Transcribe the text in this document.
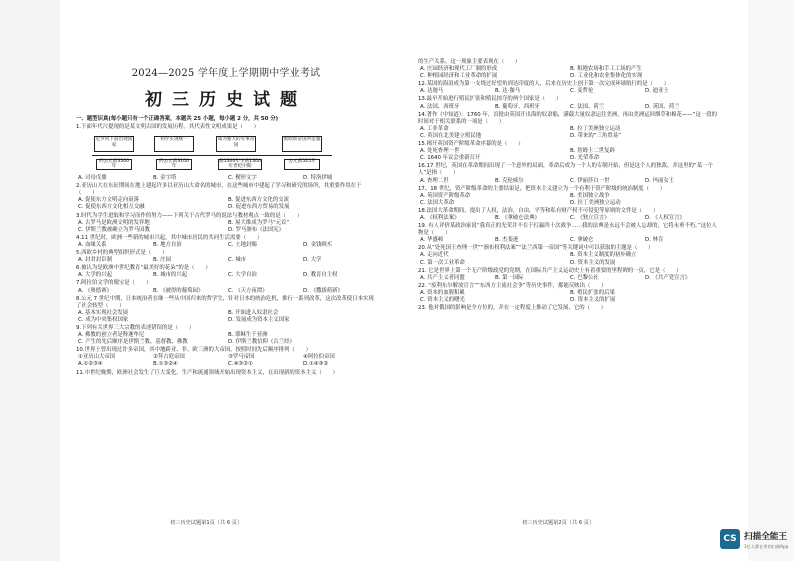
2024—2025 学年度上学期期中学业考试
初三历史试题
一、题型识真(每小题只有一个正确答案，本题共 25 小题，每小题 2 分，共 50 分)
1.下面年代尺提现的是某文明古国的发展历程。其代表性文明成果是（　　）
尼罗河下游出现国家
初步实现统一	成为强大的军事帝国
被欧斯帝国所征服
约公元前3500年
约公元前3100年
前1500年至前1300年世纪中期
公元前525年
A. 司母戊鼎	B. 金字塔	C. 楔形文字	D. 特洛伊城
2.亚历山大在东征期间在地上建起许多以亚历山大命名的城市，在这些城市中建起了学习和研究的场所，其重要作用在于（　　）
A. 促使东方文明走向衰落	B. 促进东西方文化的交流
C. 促使东西方文化相互交融	D. 促进东西方贸易的发展
3.时代为学生进取和学习而作的努力——下列关于古代罗马的说法与教材观点一致的是（　　）
A. 古罗马是欧洲文明的发祥地	B. 屋大维成为罗马“元首”
C. 伊斯兰教被确立为罗马国教	D. 罗马颁布《法国宪》
4.11 世纪时，欧洲一些新的城市兴起，其中城市居民的共同生活需要（　　）
A. 血缘关系	B. 地方自治	C. 土地封赐	D. 金钱赎买
5.西欧乡村的典型组织形式是（　　）
A. 封君封臣制	B. 庄园	C. 城市	D. 大学
6.被认为是欧洲中世纪教育“最美好的花朵”的是（　　）
A. 大学的兴起	B. 城市的兴起	C. 大学自治	D. 教育自主权
7.阿拉伯文学的瑰宝是（　　）
A. 《奥德赛》	B. 《被得的葡萄园》	C. 《天方夜谭》	D. 《撒拔萌新》
8.公元 7 世纪中期，日本统治者在继一些从中国归来的哲学生，针对日本的统治危机，推行一系列改革，这次改革使日本实现了社会转型（　　）
A. 基本实现社会发展	B. 开始进入奴隶社会
C. 成为中央集权国家	D. 发展成为资本主义国家
9.下列有关世界三大宗教的表述错误的是（　　）
A. 佛教的创立者是释迦牟尼	B. 耶稣生于亚洲
C. 产生的先后顺序是伊斯兰教、基督教、佛教	D. 伊斯兰教信仰《古兰经》
10.世界上曾出现过许多帝国，其中地跨亚、非、欧三洲的大帝国，按照时间先后顺序排列（　　）
①亚历山大帝国	②拜占庭帝国	③罗马帝国	④阿拉伯帝国
A.①②③④	B.①③②④	C.④③②①	D.①④③②
11.中世纪晚期，欧洲社会发生了巨大变化，生产和流通领域开始出现资本主义，在出现新的资本主义（　　）
的生产关系。这一现象主要表现在（　　）
A. 庄园经济和现代工厂制的形成	B. 租地农场和手工工场的产生
C. 种植园经济和工业革命的扩展	D. 工业化和农业集体化的实现
12.某国的海浪成为第一支绕过好望角到达印度的人，后来在历史上创下第一次完成环球航行的是（　　）
A. 达迦马	B. 达·伽马	C. 麦哲伦	D. 迪亚士
13.最早开始进行殖民扩张和殖民掠夺的两个国家是（　　）
A. 法国、西班牙	B. 葡萄牙、西班牙	C. 法国、荷兰	D. 英国、荷兰
14.著作《中知道》：1760 年，首批由英国开出海的奴隶船，满载大量奴隶运往美洲，再由美洲运回烟草和棉花——”这一段的时间对于相关联系的一项是（　　）
A. 工业革命	B. 拉丁美洲独立运动
C. 英国在北美建立殖民地	D. 带来的“三角贸易”
15.揭开英国资产阶级革命序幕的是（　　）
A. 处死查理一世	B. 詹姆士二世复辟
C. 1640 年议会重新召开	D. 光荣革命
16.17 世纪，英国在革命期间出现了一个意外的局面，革命后成为一个人的专制开始，但是这个人的独裁，并这里的“某一个人”是指（　　）
A. 查理二世	B. 克伦威尔	C. 伊丽莎白一世	D. 玛丽女王
17、18 世纪，资产阶级革命的主要结果是，把资本主义建立为一个有利于资产阶级的统治制度（　　）
A. 英国资产阶级革命	B. 美国独立战争
C. 法国大革命	D. 拉丁美洲独立运动
18.法国大革命期间，提出了人权，法治，自由，平等和私有财产权不可侵犯等原则的文件是（　　）
A. 《权利法案》	B. 《拿破仑法典》	C. 《独立宣言》	D. 《人权宣言》
19. 有人评价某政治家说“我真正的光荣并不在于打赢四十次战争……我的法典是永远不会被人忘却的，它将永垂不朽。”这位人物是（　　）
A. 华盛顿	B. 杰斐逊	C. 拿破仑	D. 林肯
20.从“处死国王查理一世”“颁布权利法案”“法兰西第一帝国”等关键词中可以获取的主题是（　　）
A. 走向近代	B. 资本主义制度的初步确立
C. 第一次工业革命	D. 资本主义的发展
21. 它是世界上第一个无产阶级政党的党纲，在国际共产主义运动史上有着重要的里程碑的一页，它是（　　）
A. 共产主义者同盟	B. 第一国际	C. 巴黎公社	D. 《共产党宣言》
22. “废利东尔解放宣言”“东西方主流社会争”等历史事件，都能反映出（　　）
A. 资本的血腥积累	B. 殖民扩张的后果
C. 资本主义的曙光	D. 资本主义的扩展
23. 他对俄国的影响是全方位的，并在一定程度上推动了它发展，它的（　　）
初三历史试题第1页（共 6 页）	初三历史试题第2页（共 6 页）
CS 扫描全能王
3亿人都在用的扫描App
